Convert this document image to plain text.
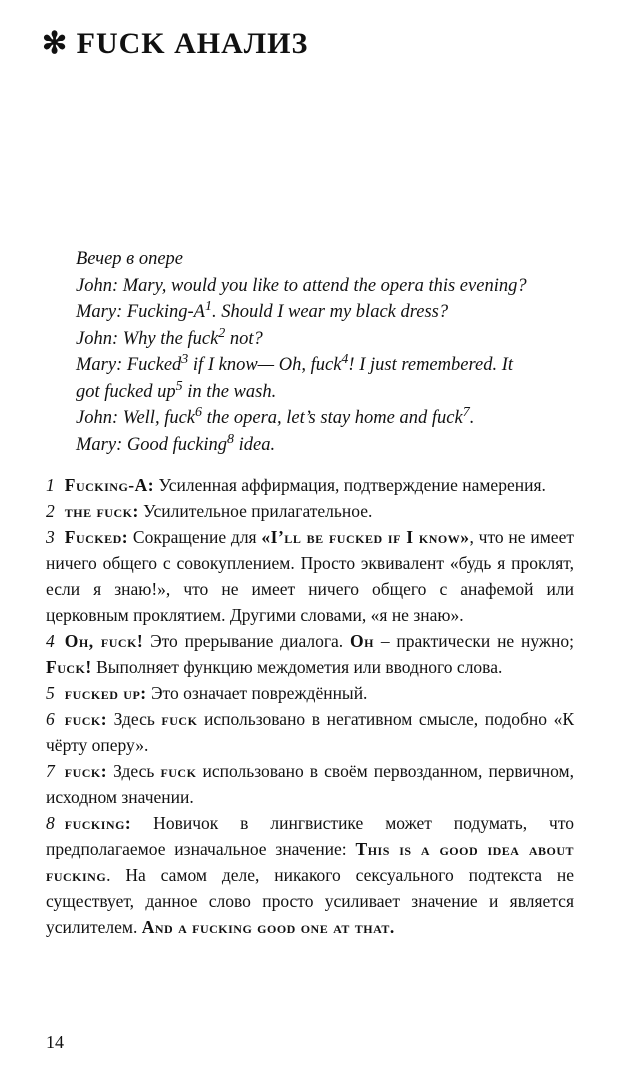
✻ FUCK АНАЛИЗ

Вечер в опере

John: Mary, would you like to attend the opera this evening?

Mary: Fucking-$A^1$. Should I wear my black dress?

John: Why the fuck$^2$ not?

Mary: Fucked$^3$ if I know— Oh, fuck$^4$! I just remembered. It

got fucked $up^5$ in the wash.

John: Well, fuck$^6$ the opera, let’s stay home and fuck$^7$.

Mary: Good fucking$^8$ idea.

1 Fucking-A: Усиленная аффирмация, подтверждение намерения.

2 the fuck: Усилительное прилагательное.

3 Fucked: Сокращение для «I’ll be fucked if I know», что не имеет ничего общего с совокуплением. Просто эквивалент «будь я проклят, если я знаю!», что не имеет ничего общего с анафемой или церковным проклятием. Другими словами, «я не знаю».

4 Oh, fuck! Это прерывание диалога. Oh – практически не нужно; Fuck! Выполняет функцию междометия или вводного слова.

5 fucked up: Это означает повреждённый.

6 fuck: Здесь fuck использовано в негативном смысле, подобно «К чёрту оперу».

7 fuck: Здесь fuck использовано в своём первозданном, первичном, исходном значении.

8 fucking: Новичок в лингвистике может подумать, что предполагаемое изначальное значение: This is a good idea about fucking. На самом деле, никакого сексуального подтекста не существует, данное слово просто усиливает значение и является усилителем. And a fucking good one at that.

14
